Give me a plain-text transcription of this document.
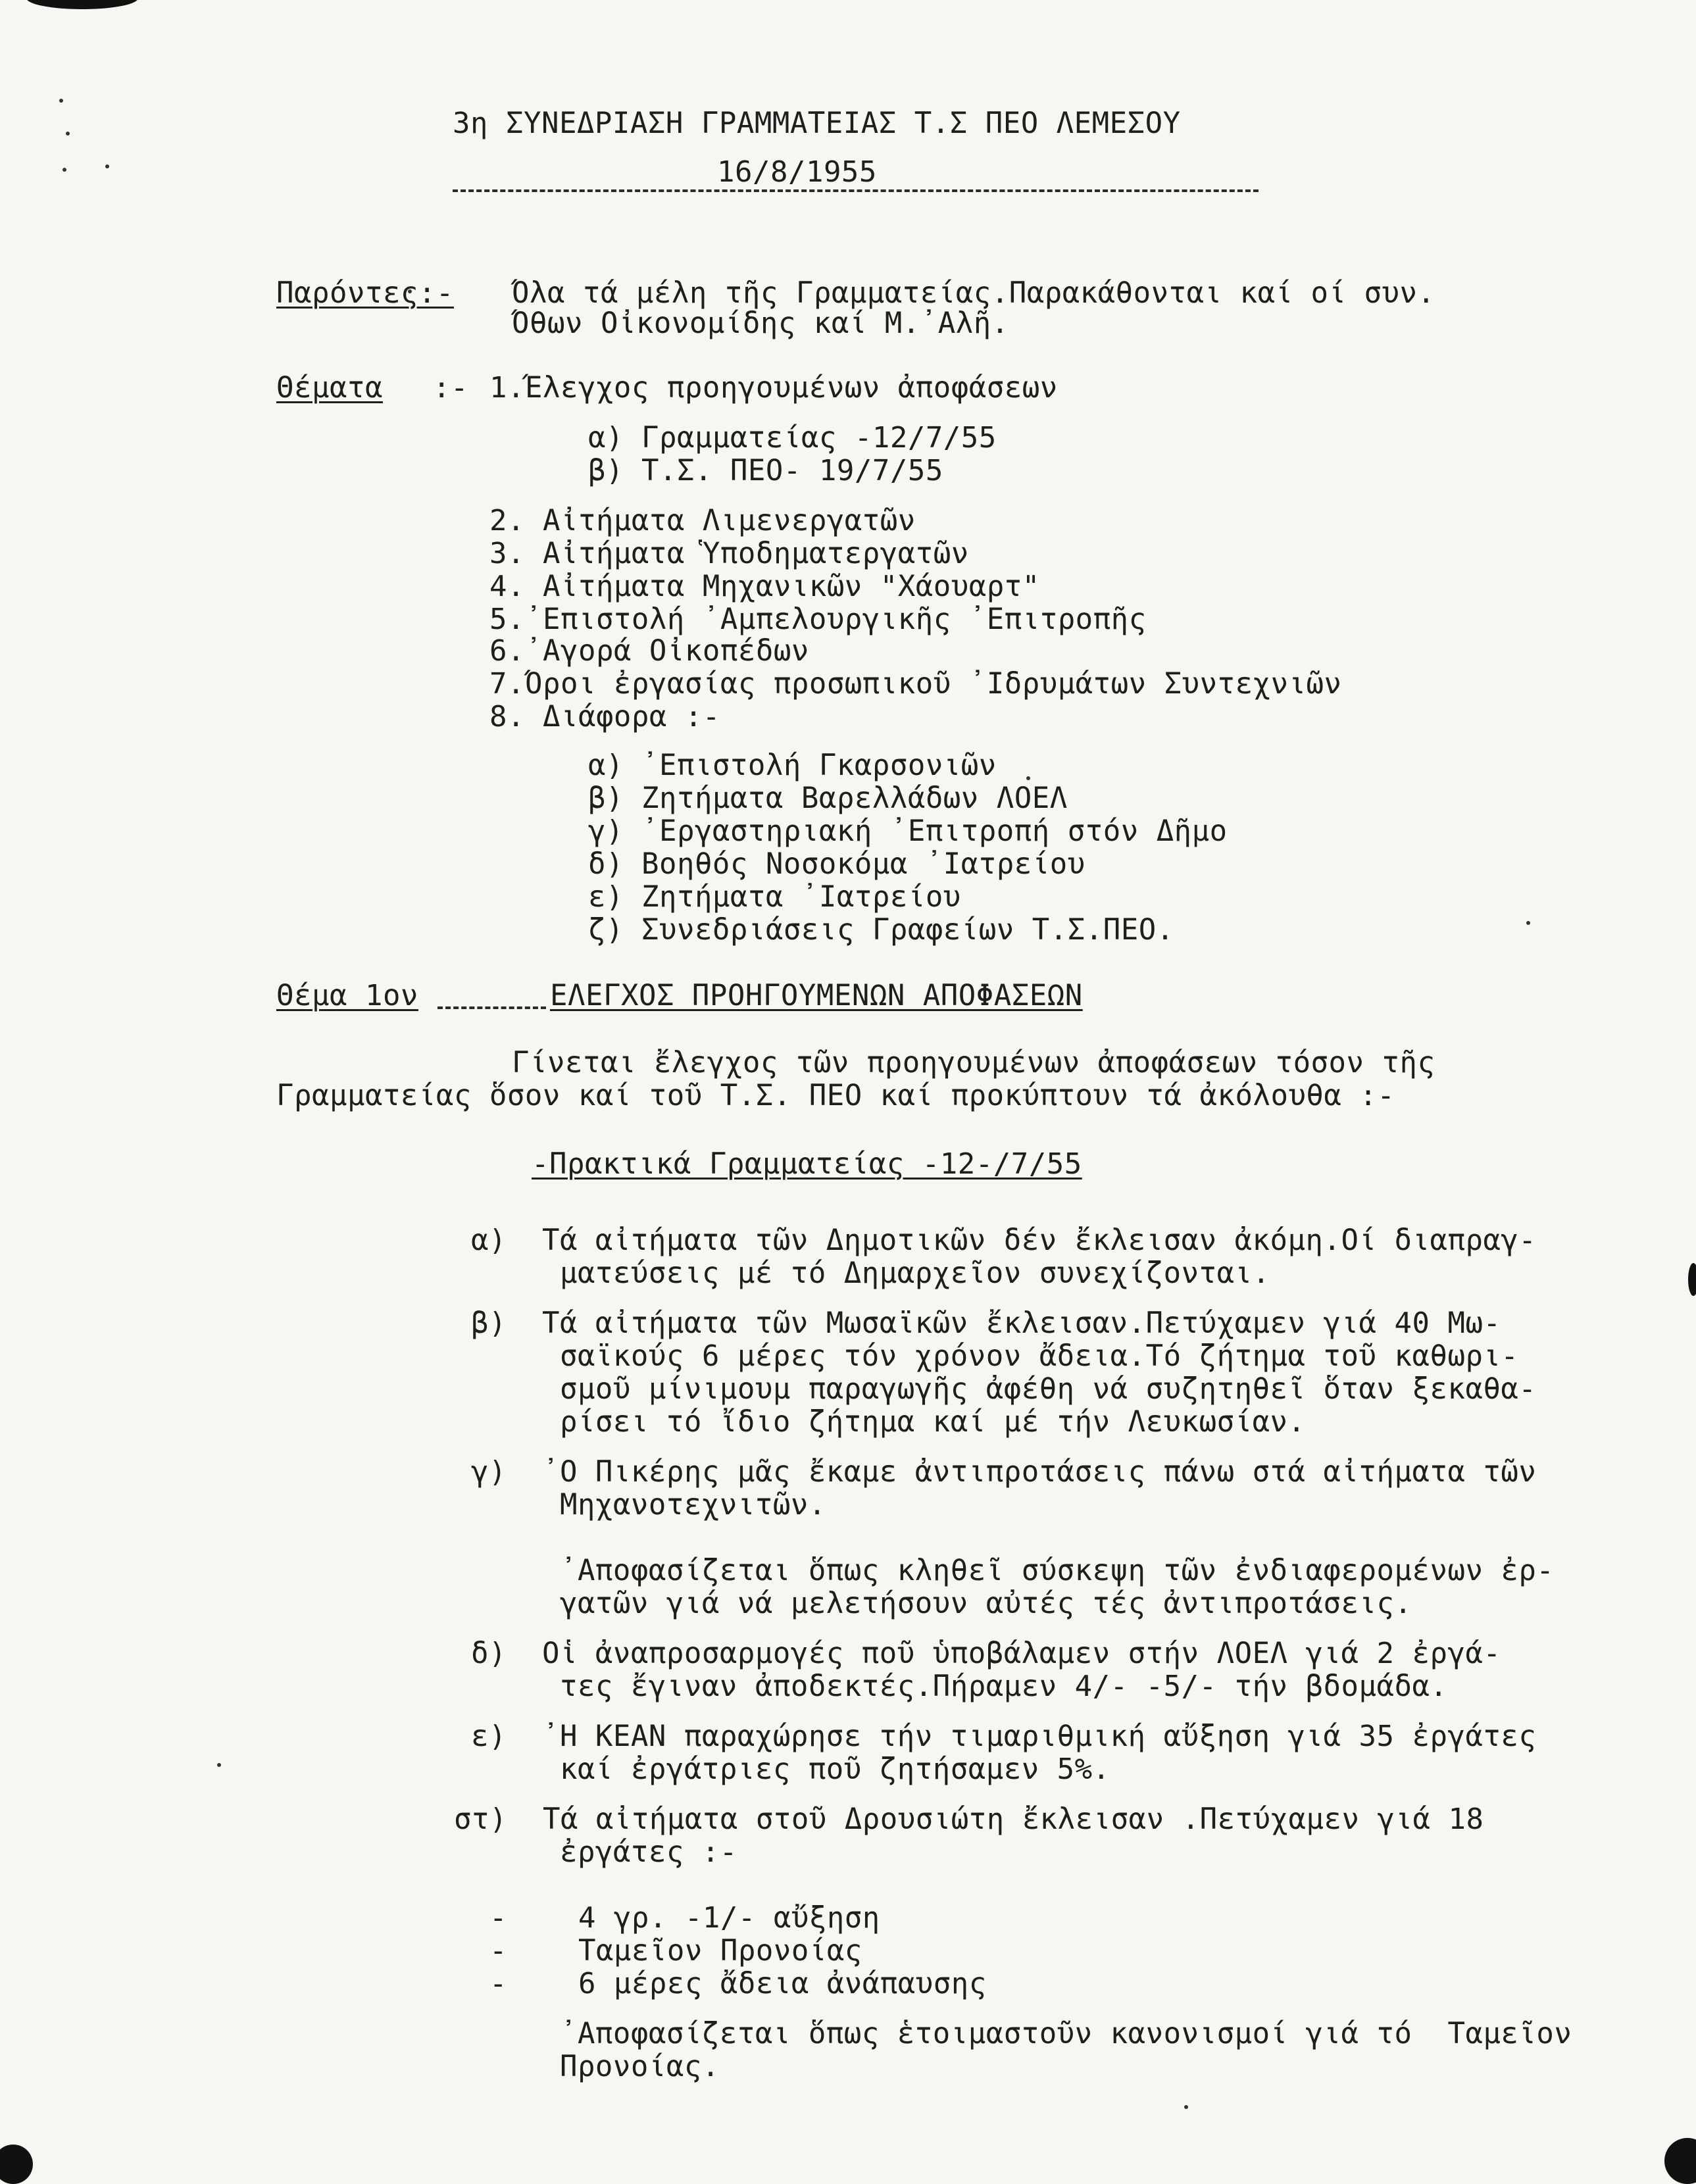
3η ΣΥΝΕΔΡΙΑΣΗ ΓΡΑΜΜΑΤΕΙΑΣ Τ.Σ ΠΕΟ ΛΕΜΕΣΟΥ
16/8/1955
Παρόντες:- Όλα τά μέλη τῆς Γραμματείας.Παρακάθονται καί οί συν.
Όθων Οἰκονομίδης καί Μ.᾽Αλῆ.
Θέματα :- 1.Έλεγχος προηγουμένων ἀποφάσεων
α) Γραμματείας -12/7/55
β) Τ.Σ. ΠΕΟ- 19/7/55
2. Αἰτήματα Λιμενεργατῶν
3. Αἰτήματα Ὑποδηματεργατῶν
4. Αἰτήματα Μηχανικῶν "Χάουαρτ"
5.᾽Επιστολή ᾽Αμπελουργικῆς ᾽Επιτροπῆς
6.᾽Αγορά Οἰκοπέδων
7.Όροι ἐργασίας προσωπικοῦ ᾽Ιδρυμάτων Συντεχνιῶν
8. Διάφορα :-
α) ᾽Επιστολή Γκαρσονιῶν
β) Ζητήματα Βαρελλάδων ΛΟΕΛ
γ) ᾽Εργαστηριακή ᾽Επιτροπή στόν Δῆμο
δ) Βοηθός Νοσοκόμα ᾽Ιατρείου
ε) Ζητήματα ᾽Ιατρείου
ζ) Συνεδριάσεις Γραφείων Τ.Σ.ΠΕΟ.
Θέμα 1ον	ΕΛΕΓΧΟΣ ΠΡΟΗΓΟΥΜΕΝΩΝ ΑΠΟΦΑΣΕΩΝ
Γίνεται ἔλεγχος τῶν προηγουμένων ἀποφάσεων τόσον τῆς
Γραμματείας ὅσον καί τοῦ Τ.Σ. ΠΕΟ καί προκύπτουν τά ἀκόλουθα :-
-Πρακτικά Γραμματείας -12-/7/55
α)  Τά αἰτήματα τῶν Δημοτικῶν δέν ἔκλεισαν ἀκόμη.Οί διαπραγ-
ματεύσεις μέ τό Δημαρχεῖον συνεχίζονται.
β)  Τά αἰτήματα τῶν Μωσαϊκῶν ἔκλεισαν.Πετύχαμεν γιά 40 Μω-
σαϊκούς 6 μέρες τόν χρόνον ἄδεια.Τό ζήτημα τοῦ καθωρι-
σμοῦ μίνιμουμ παραγωγῆς ἀφέθη νά συζητηθεῖ ὅταν ξεκαθα-
ρίσει τό ἴδιο ζήτημα καί μέ τήν Λευκωσίαν.
γ)  ᾽Ο Πικέρης μᾶς ἔκαμε ἀντιπροτάσεις πάνω στά αἰτήματα τῶν
Μηχανοτεχνιτῶν.
᾽Αποφασίζεται ὅπως κληθεῖ σύσκεψη τῶν ἐνδιαφερομένων ἐρ-
γατῶν γιά νά μελετήσουν αὐτές τές ἀντιπροτάσεις.
δ)  Οἱ ἀναπροσαρμογές ποῦ ὑποβάλαμεν στήν ΛΟΕΛ γιά 2 ἐργά-
τες ἔγιναν ἀποδεκτές.Πήραμεν 4/- -5/- τήν βδομάδα.
ε)  ᾽Η ΚΕΑΝ παραχώρησε τήν τιμαριθμική αὔξηση γιά 35 ἐργάτες
καί ἐργάτριες ποῦ ζητήσαμεν 5%.
στ)  Τά αἰτήματα στοῦ Δρουσιώτη ἔκλεισαν .Πετύχαμεν γιά 18
ἐργάτες :-
-    4 γρ. -1/- αὔξηση
-    Ταμεῖον Προνοίας
-    6 μέρες ἄδεια ἀνάπαυσης
᾽Αποφασίζεται ὅπως ἑτοιμαστοῦν κανονισμοί γιά τό  Ταμεῖον
Προνοίας.
